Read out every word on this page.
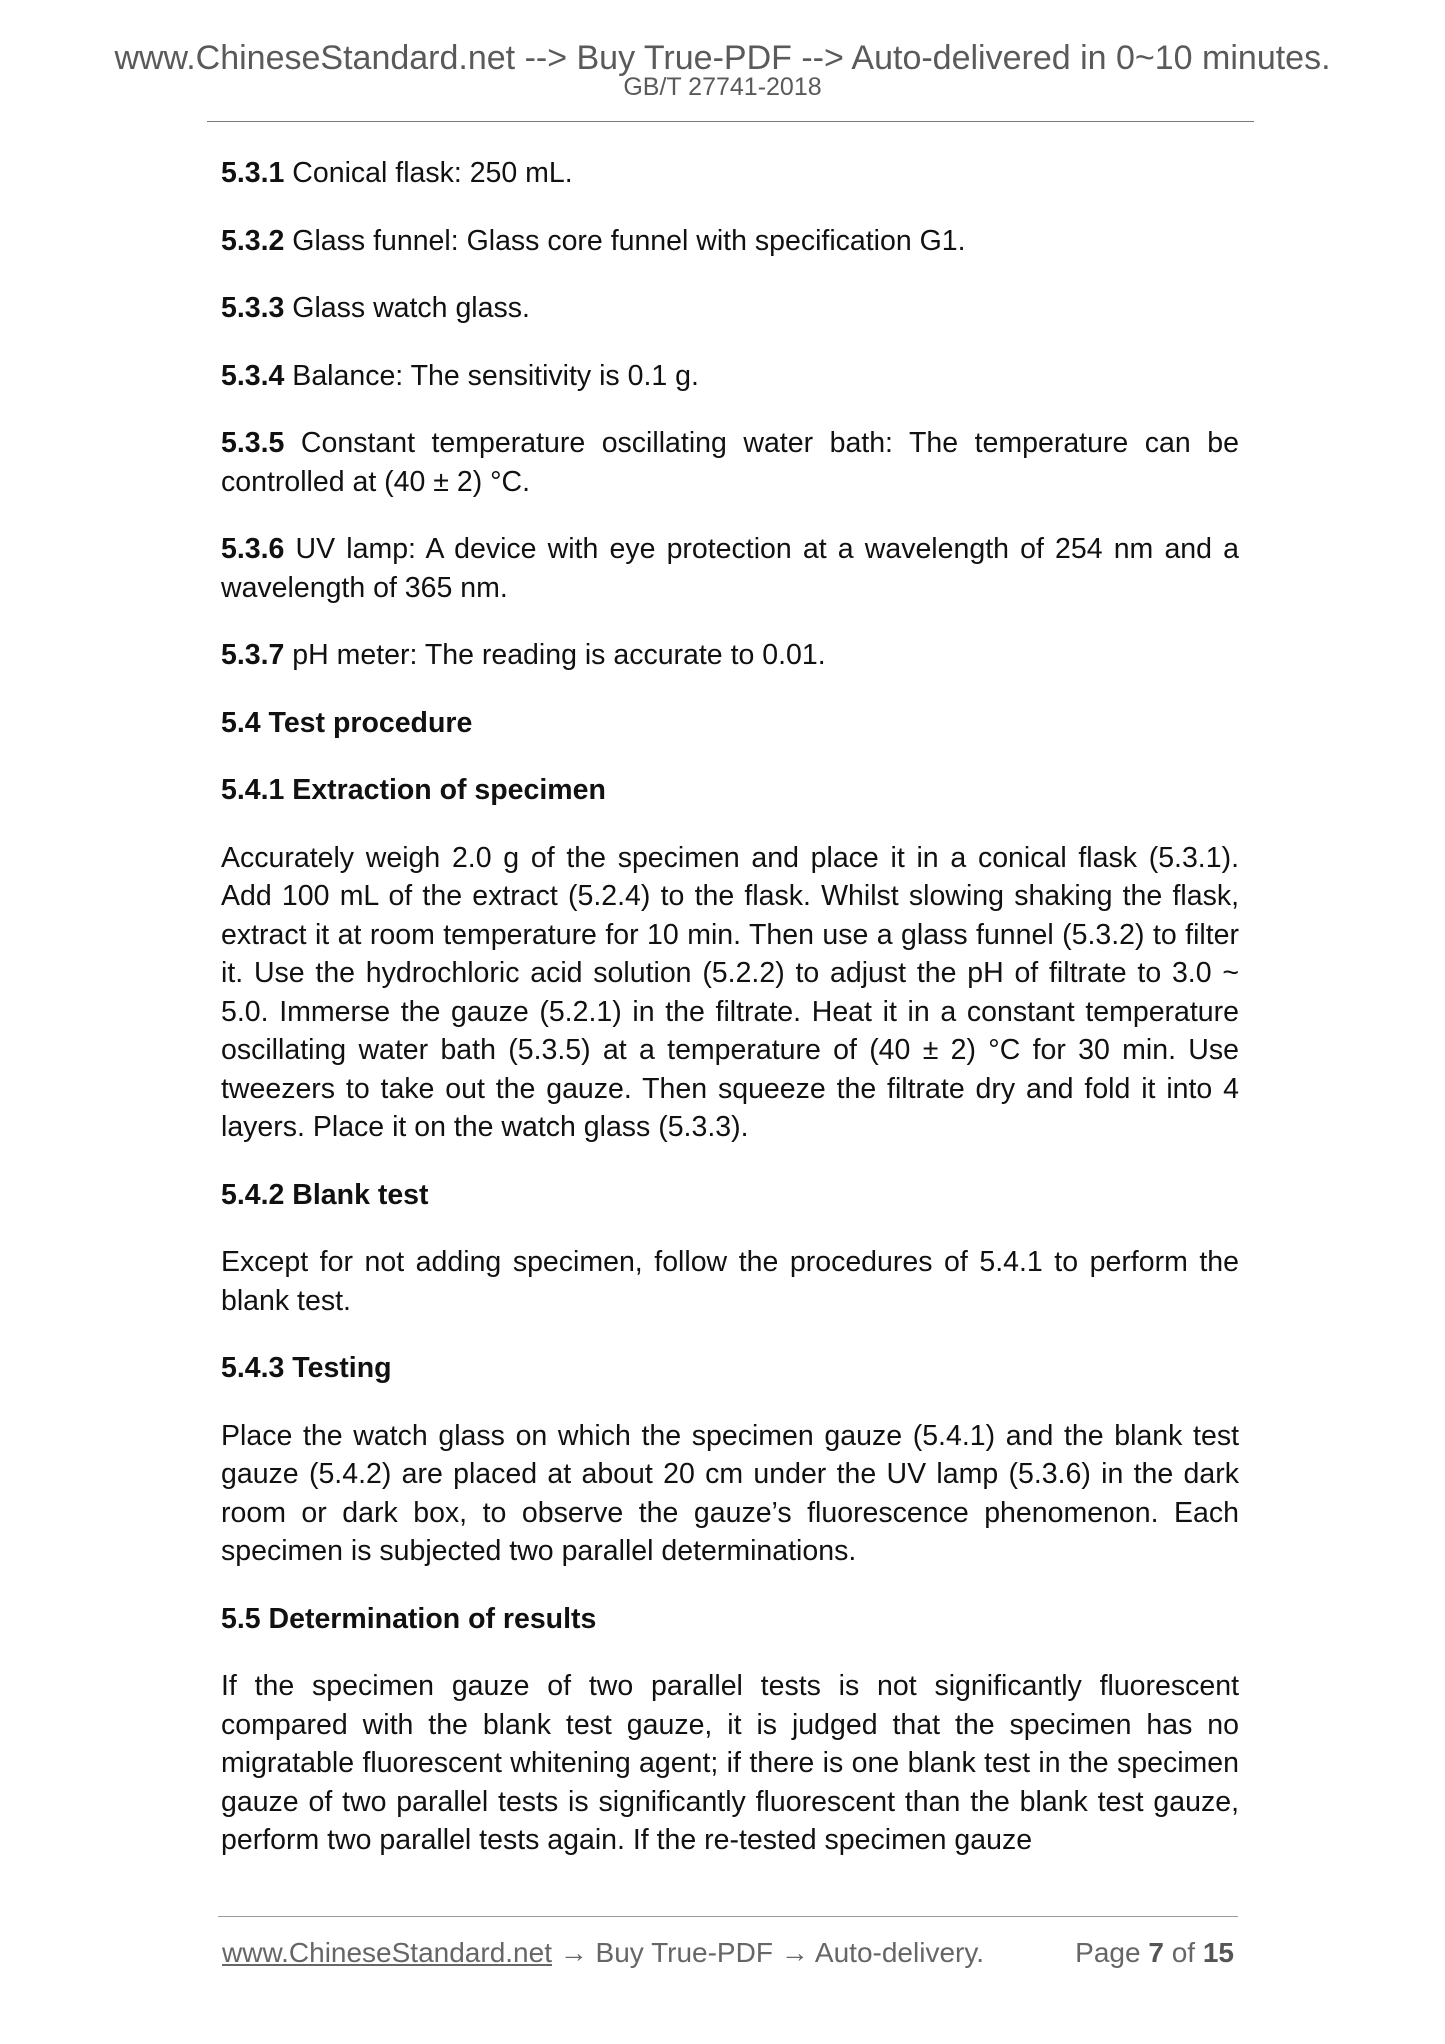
www.ChineseStandard.net --> Buy True-PDF --> Auto-delivered in 0~10 minutes.
GB/T 27741-2018

5.3.1 Conical flask: 250 mL.

5.3.2 Glass funnel: Glass core funnel with specification G1.

5.3.3 Glass watch glass.

5.3.4 Balance: The sensitivity is 0.1 g.

5.3.5 Constant temperature oscillating water bath: The temperature can be controlled at (40 ± 2) °C.

5.3.6 UV lamp: A device with eye protection at a wavelength of 254 nm and a wavelength of 365 nm.

5.3.7 pH meter: The reading is accurate to 0.01.

5.4 Test procedure

5.4.1 Extraction of specimen

Accurately weigh 2.0 g of the specimen and place it in a conical flask (5.3.1). Add 100 mL of the extract (5.2.4) to the flask. Whilst slowing shaking the flask, extract it at room temperature for 10 min. Then use a glass funnel (5.3.2) to filter it. Use the hydrochloric acid solution (5.2.2) to adjust the pH of filtrate to 3.0 ~ 5.0. Immerse the gauze (5.2.1) in the filtrate. Heat it in a constant temperature oscillating water bath (5.3.5) at a temperature of (40 ± 2) °C for 30 min. Use tweezers to take out the gauze. Then squeeze the filtrate dry and fold it into 4 layers. Place it on the watch glass (5.3.3).

5.4.2 Blank test

Except for not adding specimen, follow the procedures of 5.4.1 to perform the blank test.

5.4.3 Testing

Place the watch glass on which the specimen gauze (5.4.1) and the blank test gauze (5.4.2) are placed at about 20 cm under the UV lamp (5.3.6) in the dark room or dark box, to observe the gauze’s fluorescence phenomenon. Each specimen is subjected two parallel determinations.

5.5 Determination of results

If the specimen gauze of two parallel tests is not significantly fluorescent compared with the blank test gauze, it is judged that the specimen has no migratable fluorescent whitening agent; if there is one blank test in the specimen gauze of two parallel tests is significantly fluorescent than the blank test gauze, perform two parallel tests again. If the re-tested specimen gauze

www.ChineseStandard.net → Buy True-PDF → Auto-delivery.	Page 7 of 15
